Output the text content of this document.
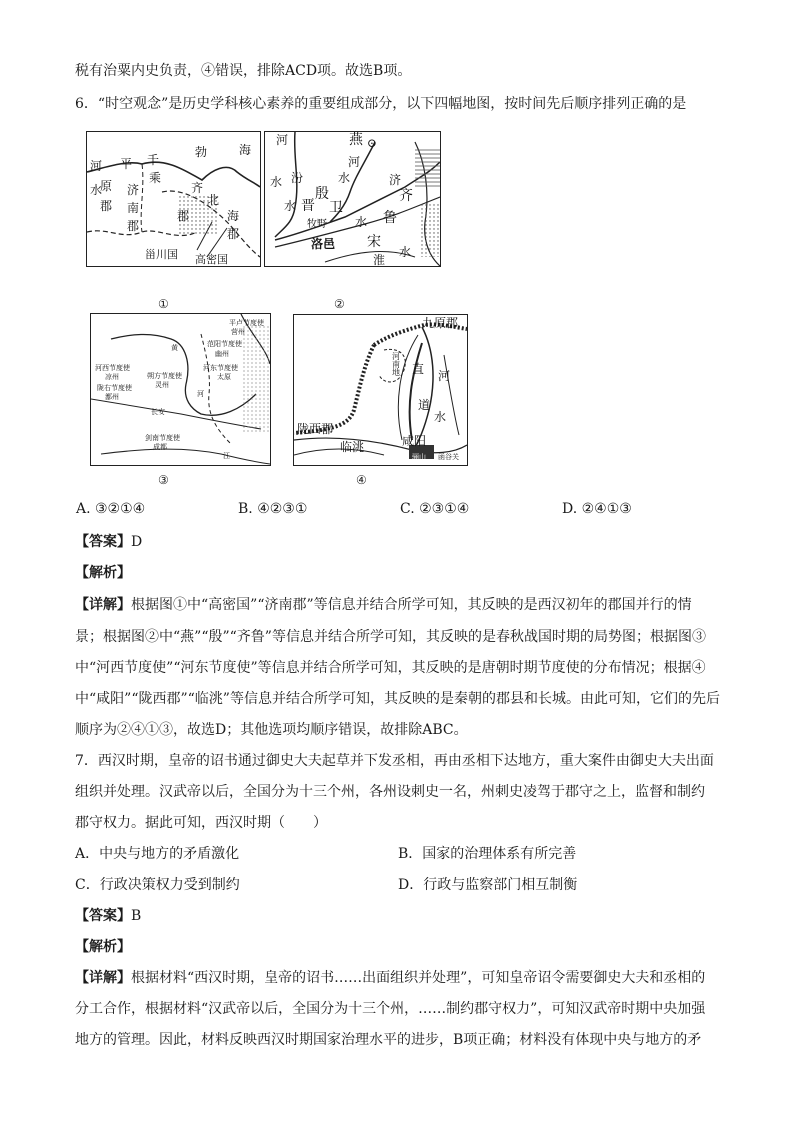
税有治粟内史负责，④错误，排除ACD项。故选B项。
6．“时空观念”是历史学科核心素养的重要组成部分，以下四幅地图，按时间先后顺序排列正确的是
河 平 千
勃	海
水
原
乘
齐
北
郡
济
南
郡
海
郡
郡
甾川国 高密国
①
河	燕 ⊙
河
水 汾	水
殷
济
齐
水 晋 卫
牧野 水 鲁
洛邑 宋
淮
水
②
平卢节度使
营州
黄	范阳节度使
幽州
河西节度使
凉州
河东节度使
太原
朔方节度使
灵州
陇右节度使
鄯州	河
长安
剑南节度使
成都
江
③
九原郡
河南地 直 河
道
水
陇西郡
临洮	咸阳
骊山 函谷关
④
A. ③②①④	B. ④②③①	C. ②③①④	D. ②④①③
【答案】D
【解析】
【详解】根据图①中“高密国”“济南郡”等信息并结合所学可知，其反映的是西汉初年的郡国并行的情
景；根据图②中“燕”“殷”“齐鲁”等信息并结合所学可知，其反映的是春秋战国时期的局势图；根据图③
中“河西节度使”“河东节度使”等信息并结合所学可知，其反映的是唐朝时期节度使的分布情况；根据④
中“咸阳”“陇西郡”“临洮”等信息并结合所学可知，其反映的是秦朝的郡县和长城。由此可知，它们的先后
顺序为②④①③，故选D；其他选项均顺序错误，故排除ABC。
7．西汉时期，皇帝的诏书通过御史大夫起草并下发丞相，再由丞相下达地方，重大案件由御史大夫出面
组织并处理。汉武帝以后，全国分为十三个州，各州设刺史一名，州刺史凌驾于郡守之上，监督和制约
郡守权力。据此可知，西汉时期（　　）
A．中央与地方的矛盾激化	B．国家的治理体系有所完善
C．行政决策权力受到制约	D．行政与监察部门相互制衡
【答案】B
【解析】
【详解】根据材料“西汉时期，皇帝的诏书……出面组织并处理”，可知皇帝诏令需要御史大夫和丞相的
分工合作，根据材料“汉武帝以后，全国分为十三个州，……制约郡守权力”，可知汉武帝时期中央加强
地方的管理。因此，材料反映西汉时期国家治理水平的进步，B项正确；材料没有体现中央与地方的矛
